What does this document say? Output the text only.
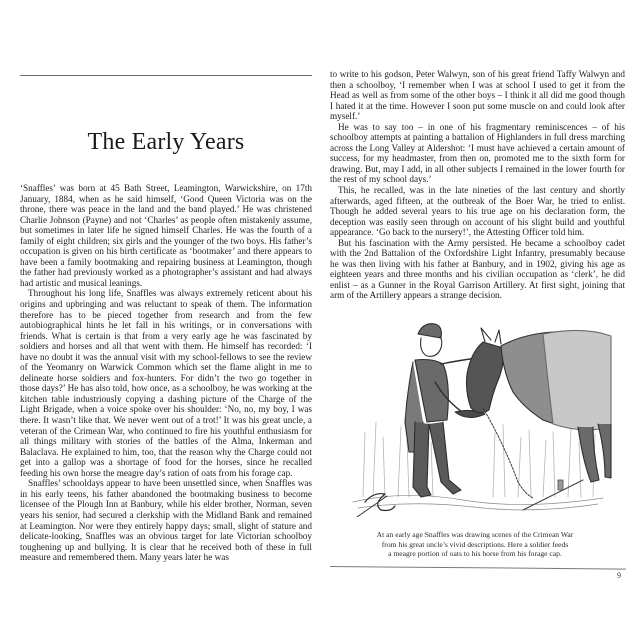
The Early Years

‘Snaffles’ was born at 45 Bath Street, Leamington, Warwickshire, on 17th January, 1884, when as he said himself, ‘Good Queen Victoria was on the throne, there was peace in the land and the band played.’ He was christened Charlie Johnson (Payne) and not ‘Charles’ as people often mistakenly assume, but sometimes in later life he signed himself Charles. He was the fourth of a family of eight children; six girls and the younger of the two boys. His father’s occupation is given on his birth certificate as ‘bootmaker’ and there appears to have been a family bootmaking and repairing business at Leamington, though the father had previously worked as a photographer’s assistant and had always had artistic and musical leanings.

Throughout his long life, Snaffles was always extremely reticent about his origins and upbringing and was reluctant to speak of them. The information therefore has to be pieced together from research and from the few autobiographical hints he let fall in his writings, or in conversations with friends. What is certain is that from a very early age he was fascinated by soldiers and horses and all that went with them. He himself has recorded: ‘I have no doubt it was the annual visit with my school-fellows to see the review of the Yeomanry on Warwick Common which set the flame alight in me to delineate horse soldiers and fox-hunters. For didn’t the two go together in those days?’ He has also told, how once, as a schoolboy, he was working at the kitchen table industriously copying a dashing picture of the Charge of the Light Brigade, when a voice spoke over his shoulder: ‘No, no, my boy, I was there. It wasn’t like that. We never went out of a trot!’ It was his great uncle, a veteran of the Crimean War, who continued to fire his youthful enthusiasm for all things military with stories of the battles of the Alma, Inkerman and Balaclava. He explained to him, too, that the reason why the Charge could not get into a gallop was a shortage of food for the horses, since he recalled feeding his own horse the meagre day’s ration of oats from his forage cap.

Snaffles’ schooldays appear to have been unsettled since, when Snaffles was in his early teens, his father abandoned the bootmaking business to become licensee of the Plough Inn at Banbury, while his elder brother, Norman, seven years his senior, had secured a clerkship with the Midland Bank and remained at Leamington. Nor were they entirely happy days; small, slight of stature and delicate-looking, Snaffles was an obvious target for late Victorian schoolboy toughening up and bullying. It is clear that he received both of these in full measure and remembered them. Many years later he was

to write to his godson, Peter Walwyn, son of his great friend Taffy Walwyn and then a schoolboy, ‘I remember when I was at school I used to get it from the Head as well as from some of the other boys – I think it all did me good though I hated it at the time. However I soon put some muscle on and could look after myself.’

He was to say too – in one of his fragmentary reminiscences – of his schoolboy attempts at painting a battalion of Highlanders in full dress marching across the Long Valley at Aldershot: ‘I must have achieved a certain amount of success, for my headmaster, from then on, promoted me to the sixth form for drawing. But, may I add, in all other subjects I remained in the lower fourth for the rest of my school days.’

This, he recalled, was in the late nineties of the last century and shortly afterwards, aged fifteen, at the outbreak of the Boer War, he tried to enlist. Though he added several years to his true age on his declaration form, the deception was easily seen through on account of his slight build and youthful appearance. ‘Go back to the nursery!’, the Attesting Officer told him.

But his fascination with the Army persisted. He became a schoolboy cadet with the 2nd Battalion of the Oxfordshire Light Infantry, presumably because he was then living with his father at Banbury, and in 1902, giving his age as eighteen years and three months and his civilian occupation as ‘clerk’, he did enlist – as a Gunner in the Royal Garrison Artillery. At first sight, joining that arm of the Artillery appears a strange decision.

At an early age Snaffles was drawing scenes of the Crimean War
from his great uncle’s vivid descriptions. Here a soldier feeds
a meagre portion of oats to his horse from his forage cap.
9
